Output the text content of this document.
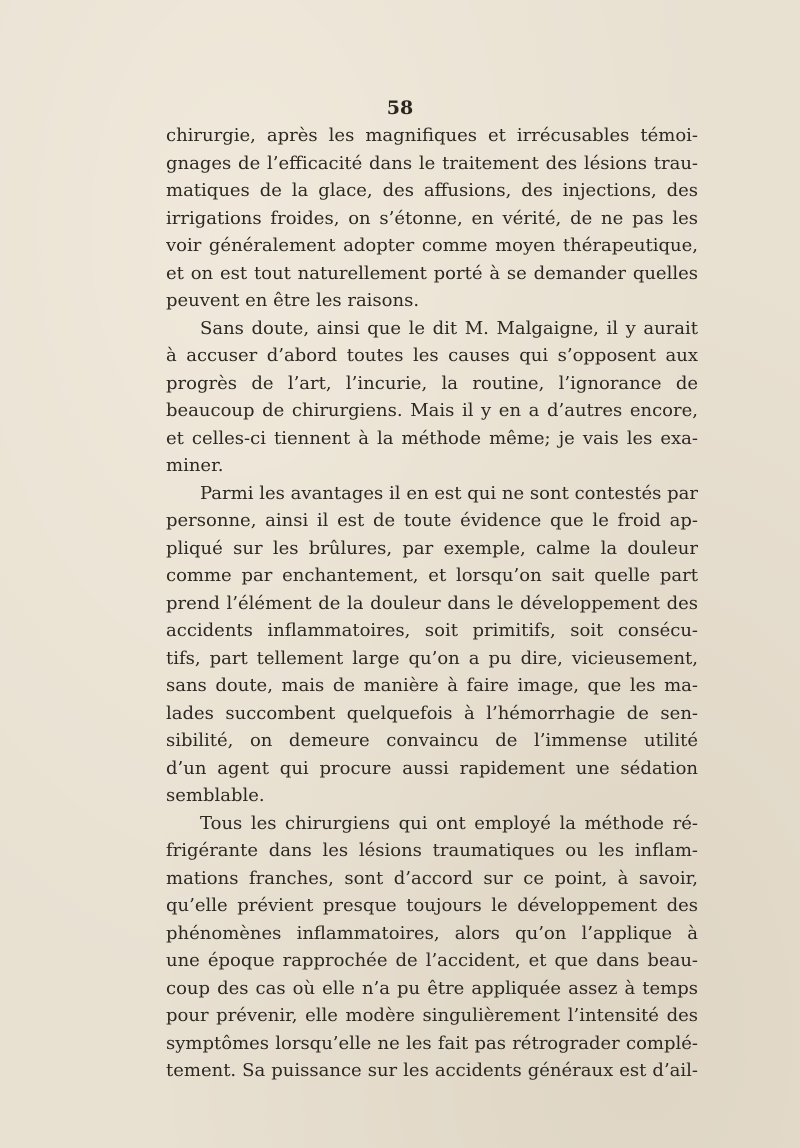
58
chirurgie, après les magnifiques et irrécusables témoi-
gnages de l’efficacité dans le traitement des lésions trau-
matiques de la glace, des affusions, des injections, des
irrigations froides, on s’étonne, en vérité, de ne pas les
voir généralement adopter comme moyen thérapeutique,
et on est tout naturellement porté à se demander quelles
peuvent en être les raisons.
Sans doute, ainsi que le dit M. Malgaigne, il y aurait
à accuser d’abord toutes les causes qui s’opposent aux
progrès de l’art, l’incurie, la routine, l’ignorance de
beaucoup de chirurgiens. Mais il y en a d’autres encore,
et celles-ci tiennent à la méthode même; je vais les exa-
miner.
Parmi les avantages il en est qui ne sont contestés par
personne, ainsi il est de toute évidence que le froid ap-
pliqué sur les brûlures, par exemple, calme la douleur
comme par enchantement, et lorsqu’on sait quelle part
prend l’élément de la douleur dans le développement des
accidents inflammatoires, soit primitifs, soit consécu-
tifs, part tellement large qu’on a pu dire, vicieusement,
sans doute, mais de manière à faire image, que les ma-
lades succombent quelquefois à l’hémorrhagie de sen-
sibilité, on demeure convaincu de l’immense utilité
d’un agent qui procure aussi rapidement une sédation
semblable.
Tous les chirurgiens qui ont employé la méthode ré-
frigérante dans les lésions traumatiques ou les inflam-
mations franches, sont d’accord sur ce point, à savoir,
qu’elle prévient presque toujours le développement des
phénomènes inflammatoires, alors qu’on l’applique à
une époque rapprochée de l’accident, et que dans beau-
coup des cas où elle n’a pu être appliquée assez à temps
pour prévenir, elle modère singulièrement l’intensité des
symptômes lorsqu’elle ne les fait pas rétrograder complé-
tement. Sa puissance sur les accidents généraux est d’ail-
